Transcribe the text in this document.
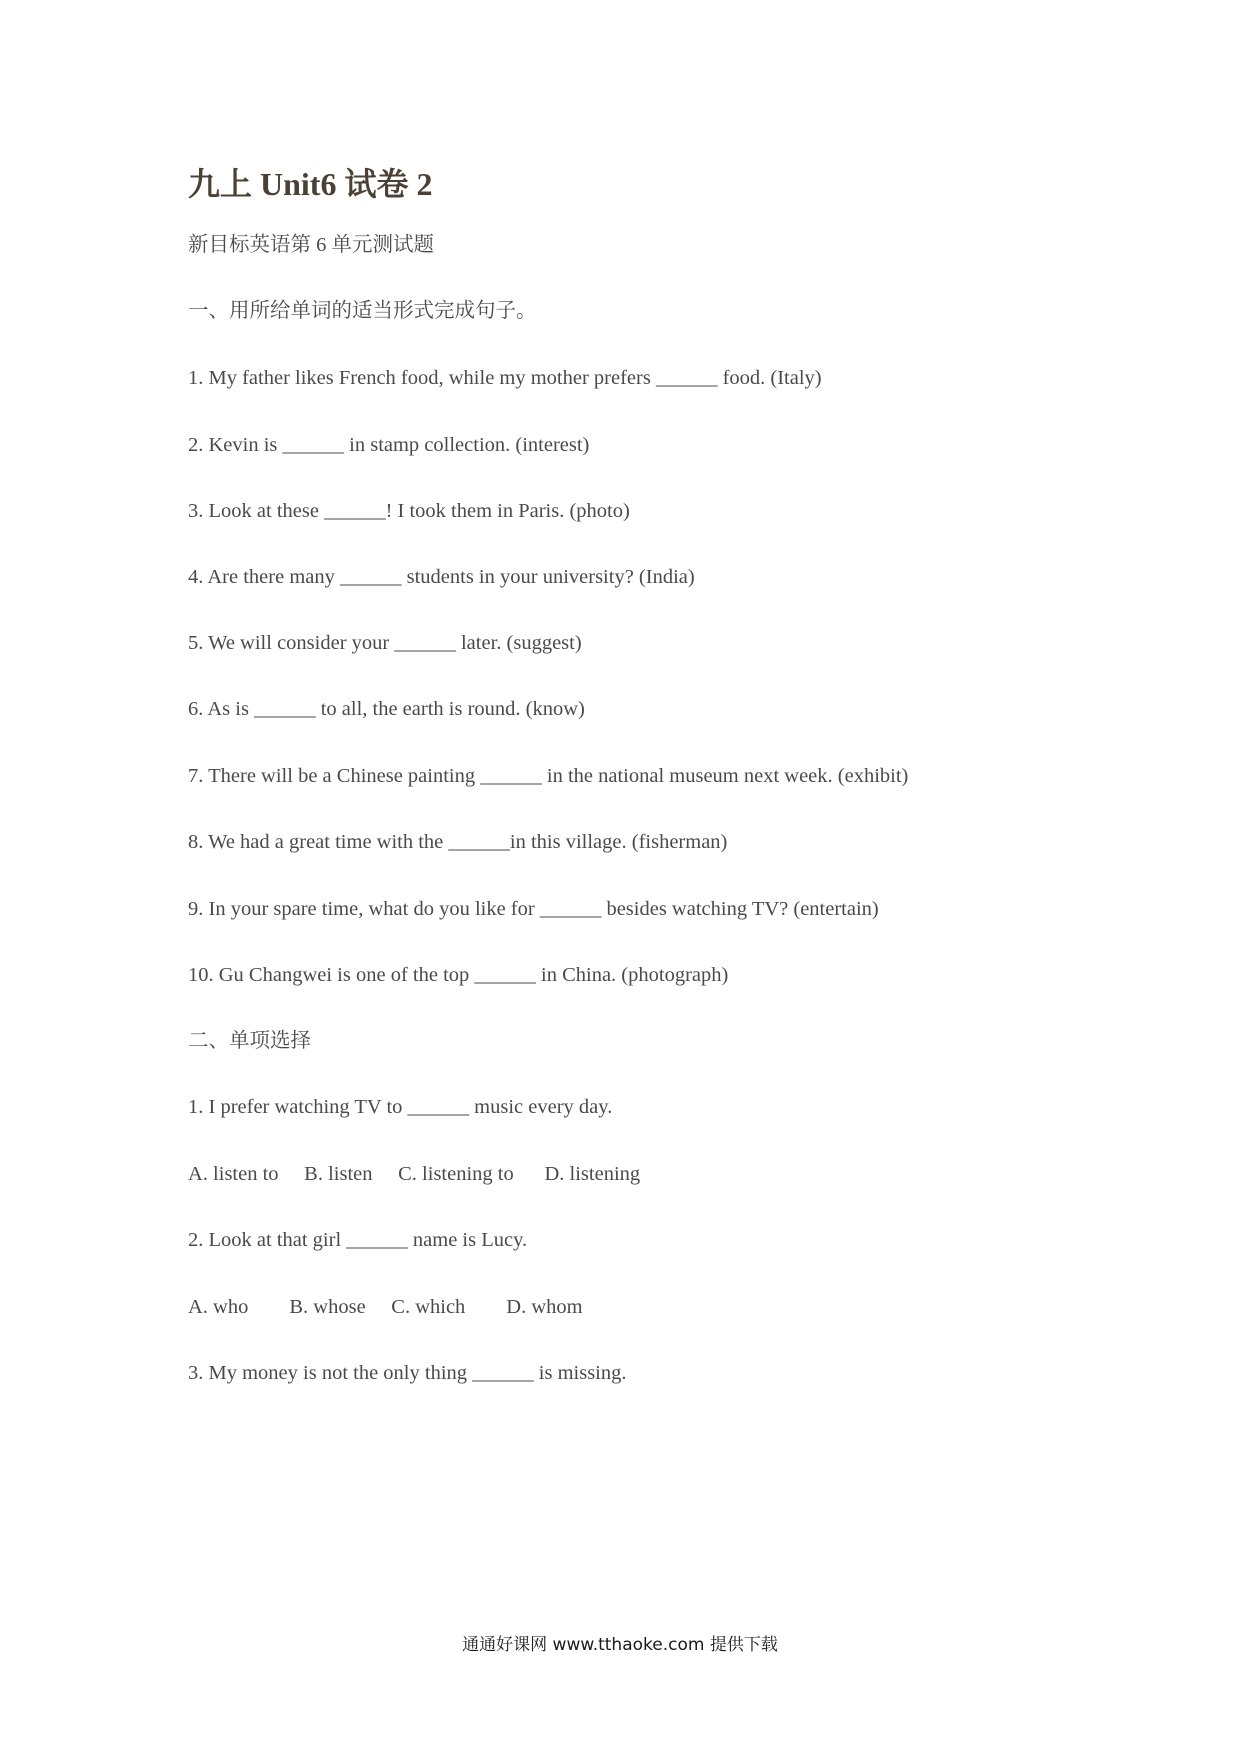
九上 Unit6 试卷 2
新目标英语第 6 单元测试题
一、用所给单词的适当形式完成句子。
1. My father likes French food, while my mother prefers ______ food. (Italy)
2. Kevin is ______ in stamp collection. (interest)
3. Look at these ______! I took them in Paris. (photo)
4. Are there many ______ students in your university? (India)
5. We will consider your ______ later. (suggest)
6. As is ______ to all, the earth is round. (know)
7. There will be a Chinese painting ______ in the national museum next week. (exhibit)
8. We had a great time with the ______in this village. (fisherman)
9. In your spare time, what do you like for ______ besides watching TV? (entertain)
10. Gu Changwei is one of the top ______ in China. (photograph)
二、单项选择
1. I prefer watching TV to ______ music every day.
A. listen to     B. listen     C. listening to      D. listening
2. Look at that girl ______ name is Lucy.
A. who        B. whose     C. which        D. whom
3. My money is not the only thing ______ is missing.
通通好课网 www.tthaoke.com 提供下载
